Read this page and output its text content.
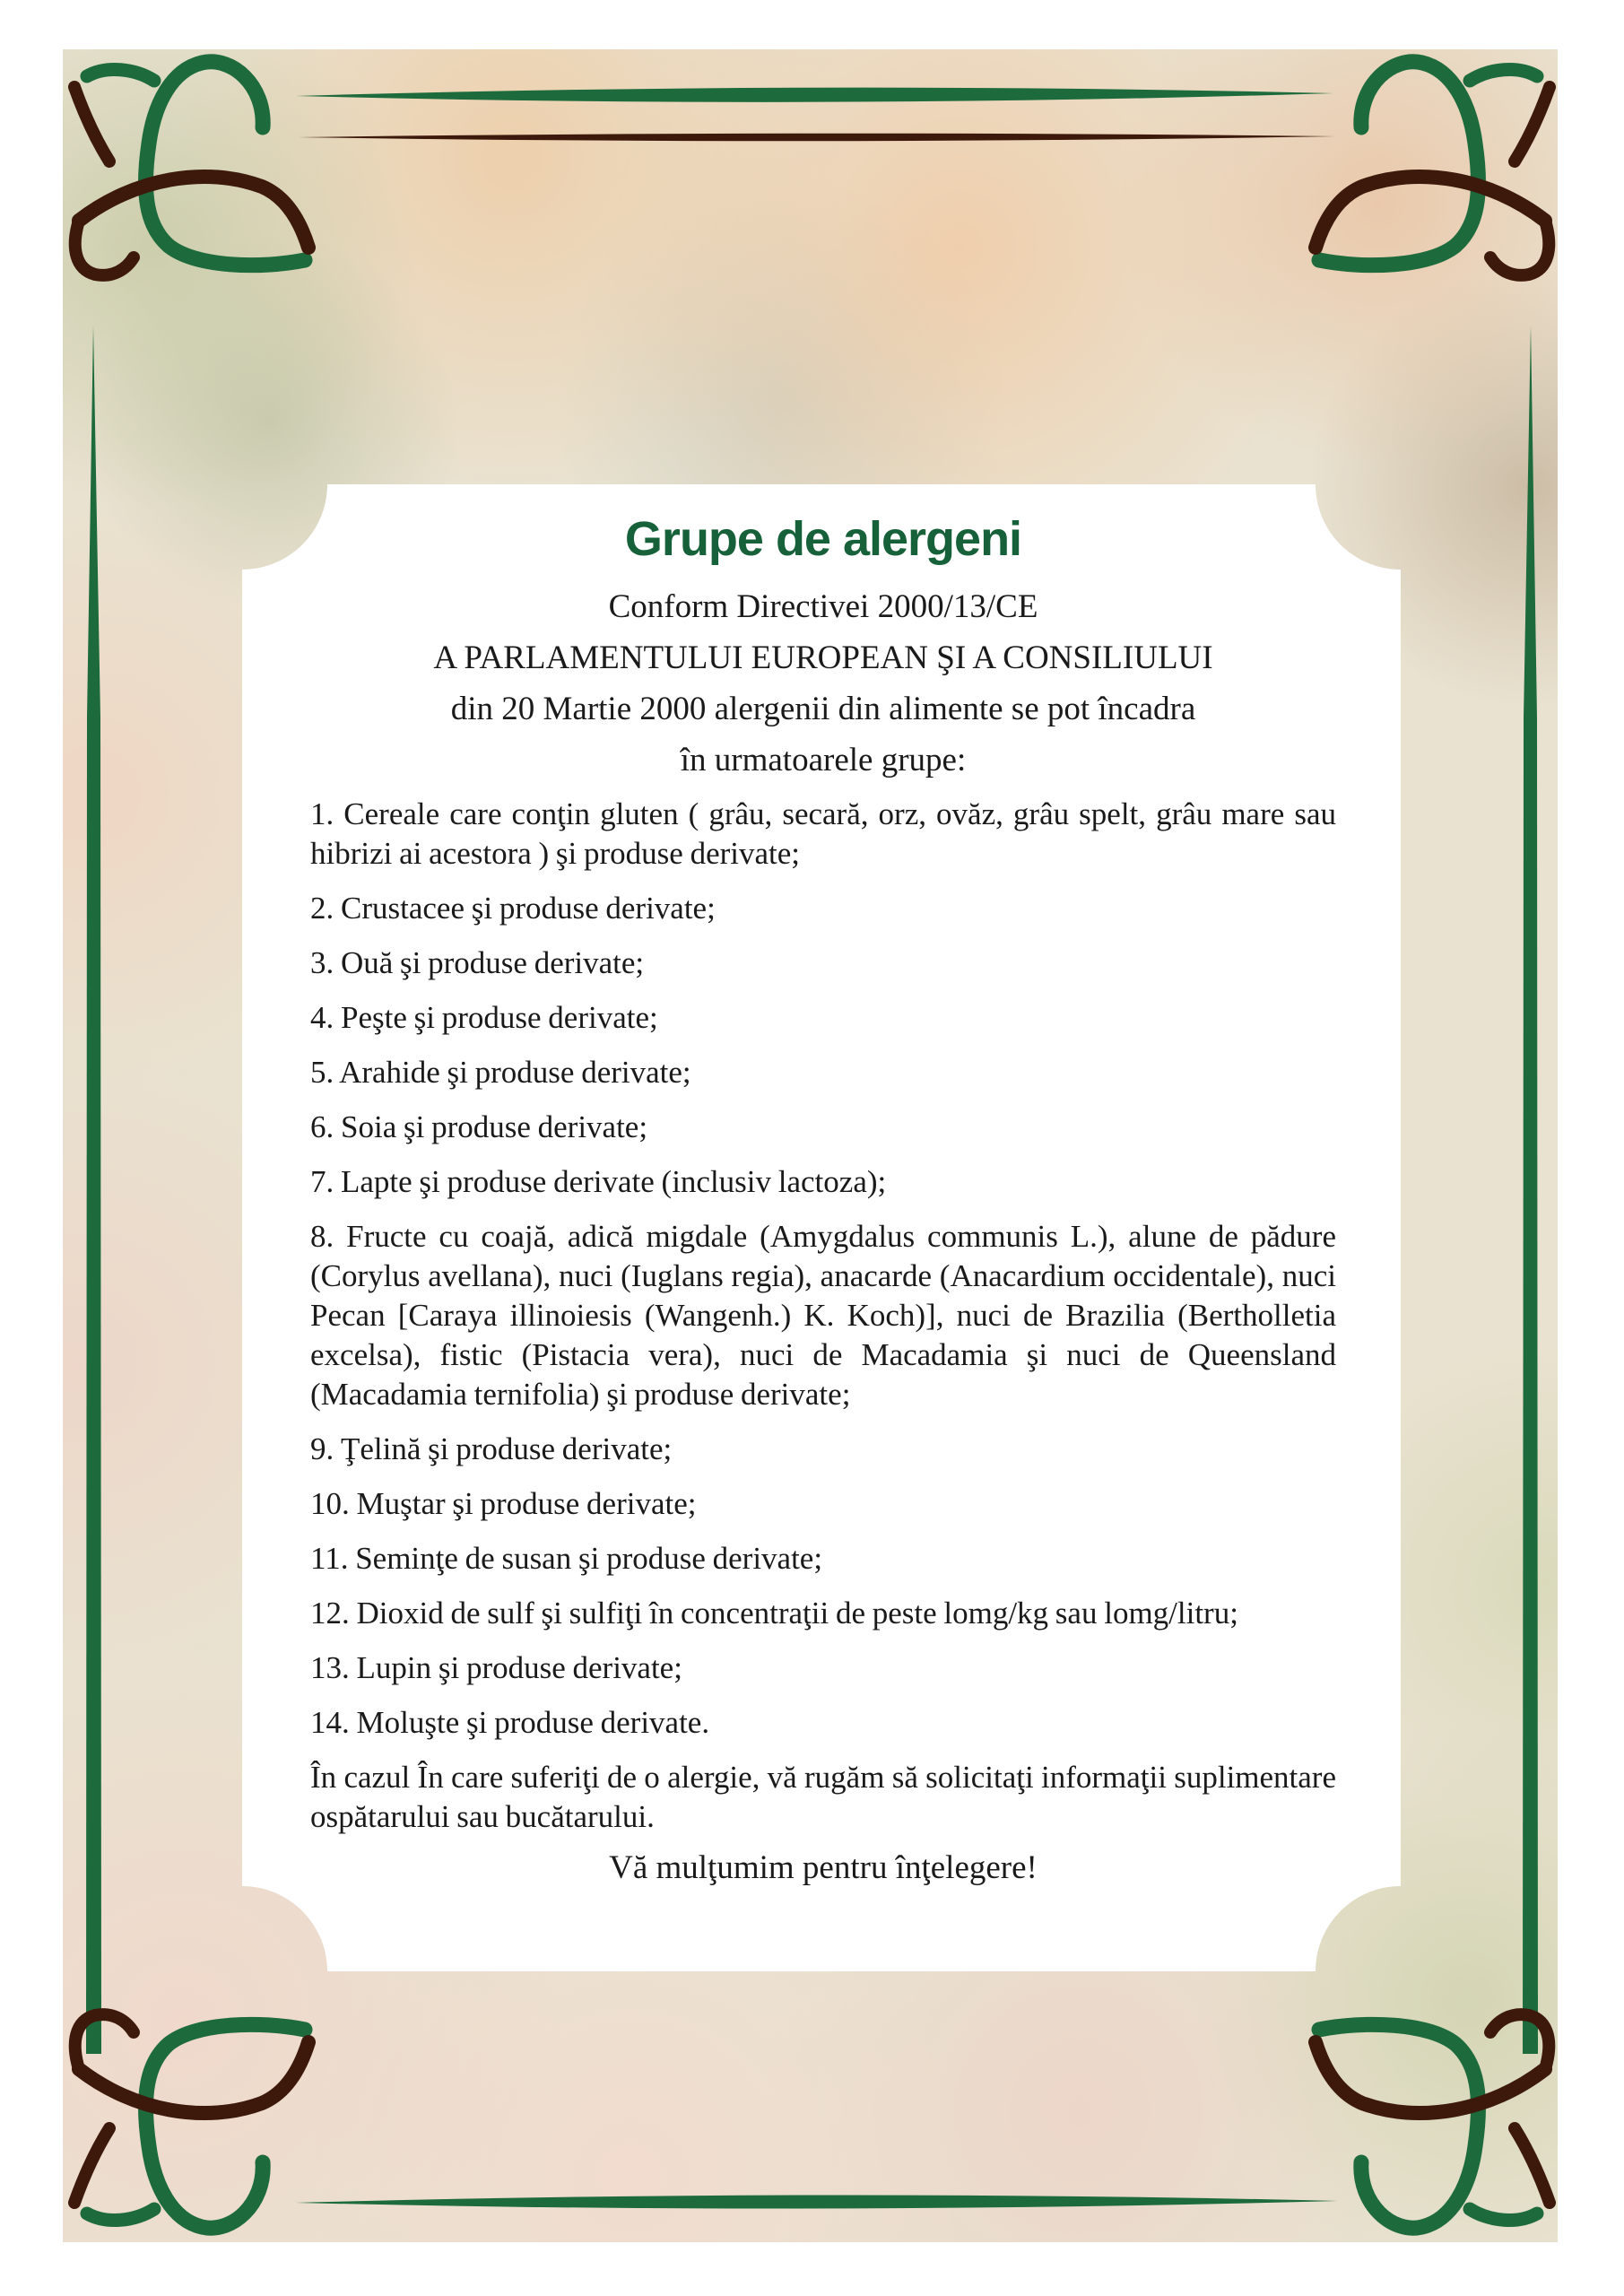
Grupe de alergeni

Conform Directivei 2000/13/CE

A PARLAMENTULUI EUROPEAN ŞI A CONSILIULUI

din 20 Martie 2000 alergenii din alimente se pot încadra

în urmatoarele grupe:

1. Cereale care conţin gluten ( grâu, secară, orz, ovăz, grâu spelt, grâu mare sau hibrizi ai acestora ) şi produse derivate;

2. Crustacee şi produse derivate;

3. Ouă şi produse derivate;

4. Peşte şi produse derivate;

5. Arahide şi produse derivate;

6. Soia şi produse derivate;

7. Lapte şi produse derivate (inclusiv lactoza);

8. Fructe cu coajă, adică migdale (Amygdalus communis L.), alune de pădure (Corylus avellana), nuci (Iuglans regia), anacarde (Anacardium occidentale), nuci Pecan [Caraya illinoiesis (Wangenh.) K. Koch)], nuci de Brazilia (Bertholletia excelsa), fistic (Pistacia vera), nuci de Macadamia şi nuci de Queensland (Macadamia ternifolia) şi produse derivate;

9. Ţelină şi produse derivate;

10. Muştar şi produse derivate;

11. Seminţe de susan şi produse derivate;

12. Dioxid de sulf şi sulfiţi în concentraţii de peste lomg/kg sau lomg/litru;

13. Lupin şi produse derivate;

14. Moluşte şi produse derivate.

În cazul În care suferiţi de o alergie, vă rugăm să solicitaţi informaţii suplimentare ospătarului sau bucătarului.

Vă mulţumim pentru înţelegere!
